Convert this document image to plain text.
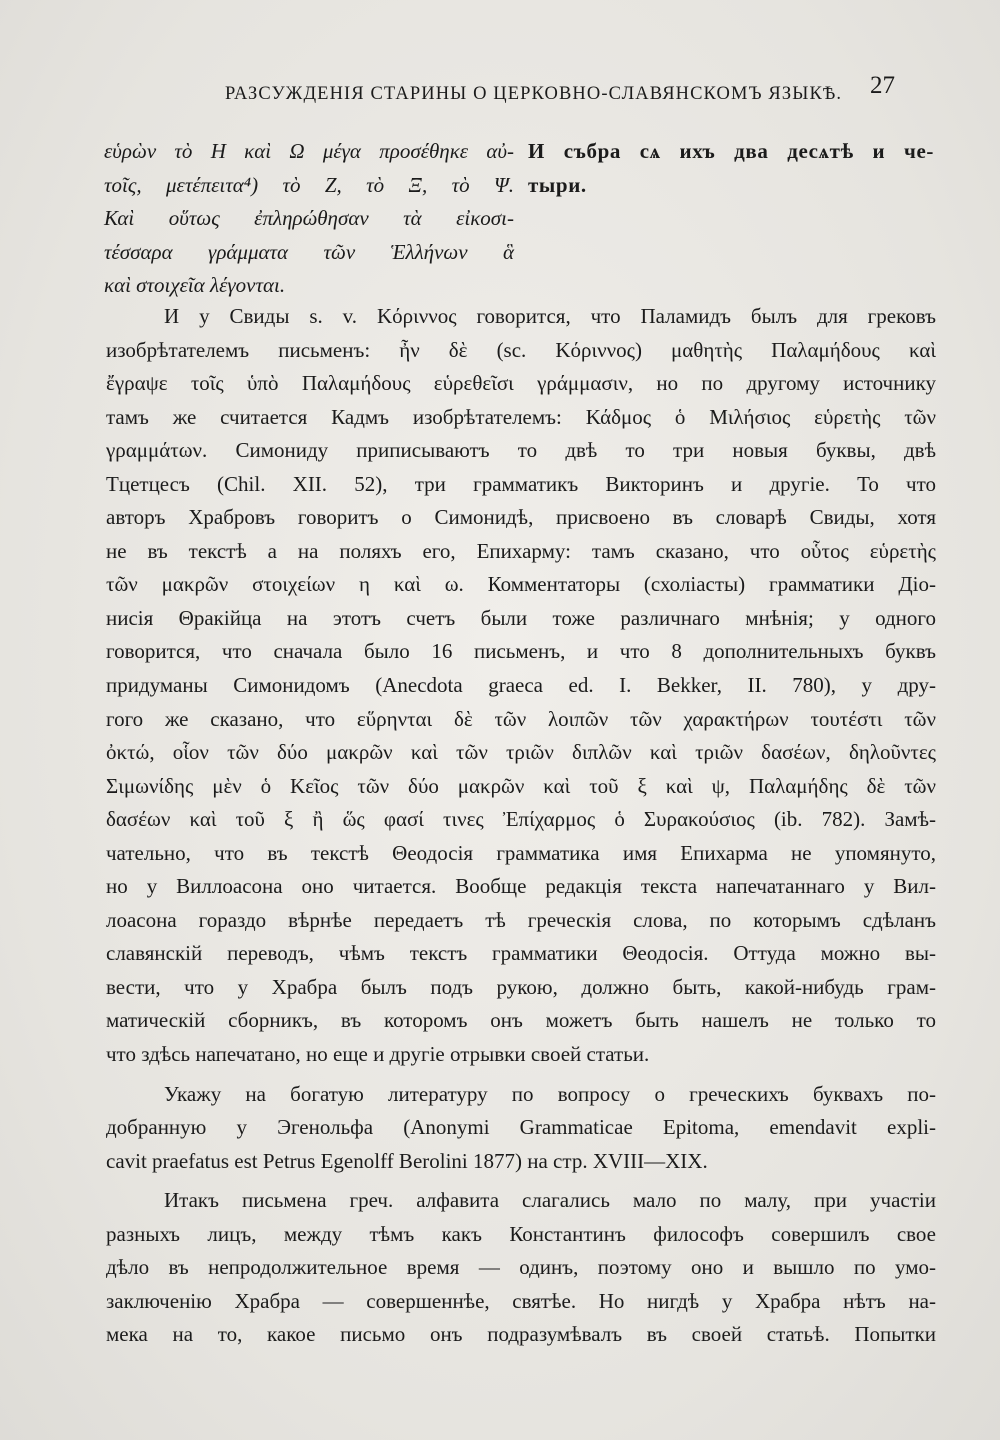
РАЗСУЖДЕНІЯ СТАРИНЫ О ЦЕРКОВНО-СЛАВЯНСКОМЪ ЯЗЫКѢ. 27
εὑρὼν τὸ Η καὶ Ω μέγα προσέθηκε αὐ-
τοῖς, μετέπειτα⁴) τὸ Ζ, τὸ Ξ, τὸ Ψ.
Καὶ οὕτως ἐπληρώθησαν τὰ εἰκοσι-
τέσσαρα γράμματα τῶν Ἑλλήνων ἃ
καὶ στοιχεῖα λέγονται.
И събра сѧ ихъ два десѧтѣ и че-
тыри.
И у Свиды s. v. Κόριννος говорится, что Паламидъ былъ для грековъ
изобрѣтателемъ письменъ: ἦν δὲ (sc. Κόριννος) μαθητὴς Παλαμήδους καὶ
ἔγραψε τοῖς ὑπὸ Παλαμήδους εὑρεθεῖσι γράμμασιν, но по другому источнику
тамъ же считается Кадмъ изобрѣтателемъ: Κάδμος ὁ Μιλήσιος εὑρετὴς τῶν
γραμμάτων. Симониду приписываютъ то двѣ то три новыя буквы, двѣ
Тцетцесъ (Chil. XII. 52), три грамматикъ Викторинъ и другіе. То что
авторъ Храбровъ говоритъ о Симонидѣ, присвоено въ словарѣ Свиды, хотя
не въ текстѣ а на поляхъ его, Епихарму: тамъ сказано, что οὗτος εὑρετὴς
τῶν μακρῶν στοιχείων η καὶ ω. Комментаторы (схоліасты) грамматики Діо-
нисія Θракійца на этотъ счетъ были тоже различнаго мнѣнія; у одного
говорится, что сначала было 16 письменъ, и что 8 дополнительныхъ буквъ
придуманы Симонидомъ (Anecdota graeca ed. I. Bekker, II. 780), у дру-
гого же сказано, что εὕρηνται δὲ τῶν λοιπῶν τῶν χαρακτήρων τουτέστι τῶν
ὀκτώ, οἷον τῶν δύο μακρῶν καὶ τῶν τριῶν διπλῶν καὶ τριῶν δασέων, δηλοῦντες
Σιμωνίδης μὲν ὁ Κεῖος τῶν δύο μακρῶν καὶ τοῦ ξ καὶ ψ, Παλαμήδης δὲ τῶν
δασέων καὶ τοῦ ξ ἢ ὥς φασί τινες Ἐπίχαρμος ὁ Συρακούσιος (ib. 782). Замѣ-
чательно, что въ текстѣ Θеодосія грамматика имя Епихарма не упомянуто,
но у Виллоасона оно читается. Вообще редакція текста напечатаннаго у Вил-
лоасона гораздо вѣрнѣе передаетъ тѣ греческія слова, по которымъ сдѣланъ
славянскій переводъ, чѣмъ текстъ грамматики Θеодосія. Оттуда можно вы-
вести, что у Храбра былъ подъ рукою, должно быть, какой-нибудь грам-
матическій сборникъ, въ которомъ онъ можетъ быть нашелъ не только то
что здѣсь напечатано, но еще и другіе отрывки своей статьи.
Укажу на богатую литературу по вопросу о греческихъ буквахъ по-
добранную у Эгенольфа (Anonymi Grammaticae Epitoma, emendavit expli-
cavit praefatus est Petrus Egenolff Berolini 1877) на стр. XVIII—XIX.
Итакъ письмена греч. алфавита слагались мало по малу, при участіи
разныхъ лицъ, между тѣмъ какъ Константинъ философъ совершилъ свое
дѣло въ непродолжительное время — одинъ, поэтому оно и вышло по умо-
заключенію Храбра — совершеннѣе, святѣе. Но нигдѣ у Храбра нѣтъ на-
мека на то, какое письмо онъ подразумѣвалъ въ своей статьѣ. Попытки
